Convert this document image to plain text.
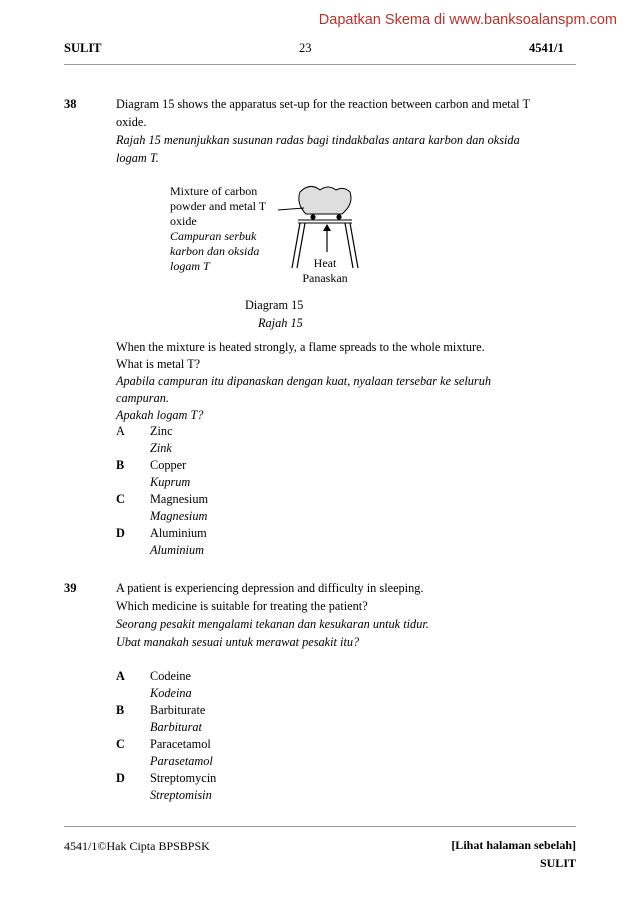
Dapatkan Skema di www.banksoalanspm.com
SULIT	23	4541/1
38	Diagram 15 shows the apparatus set-up for the reaction between carbon and metal T
oxide.
Rajah 15 menunjukkan susunan radas bagi tindakbalas antara karbon dan oksida
logam T.
Mixture of carbon
powder and metal T
oxide
Campuran serbuk
karbon dan oksida
logam T	Heat
Panaskan
Diagram 15
Rajah 15
When the mixture is heated strongly, a flame spreads to the whole mixture.
What is metal T?
Apabila campuran itu dipanaskan dengan kuat, nyalaan tersebar ke seluruh
campuran.
Apakah logam T?
A Zinc
Zink
B Copper
Kuprum
C Magnesium
Magnesium
D Aluminium
Aluminium
39	A patient is experiencing depression and difficulty in sleeping.
Which medicine is suitable for treating the patient?
Seorang pesakit mengalami tekanan dan kesukaran untuk tidur.
Ubat manakah sesuai untuk merawat pesakit itu?
A Codeine
Kodeina
B Barbiturate
Barbiturat
C Paracetamol
Parasetamol
D Streptomycin
Streptomisin
4541/1©Hak Cipta BPSBPSK	[Lihat halaman sebelah]
SULIT
